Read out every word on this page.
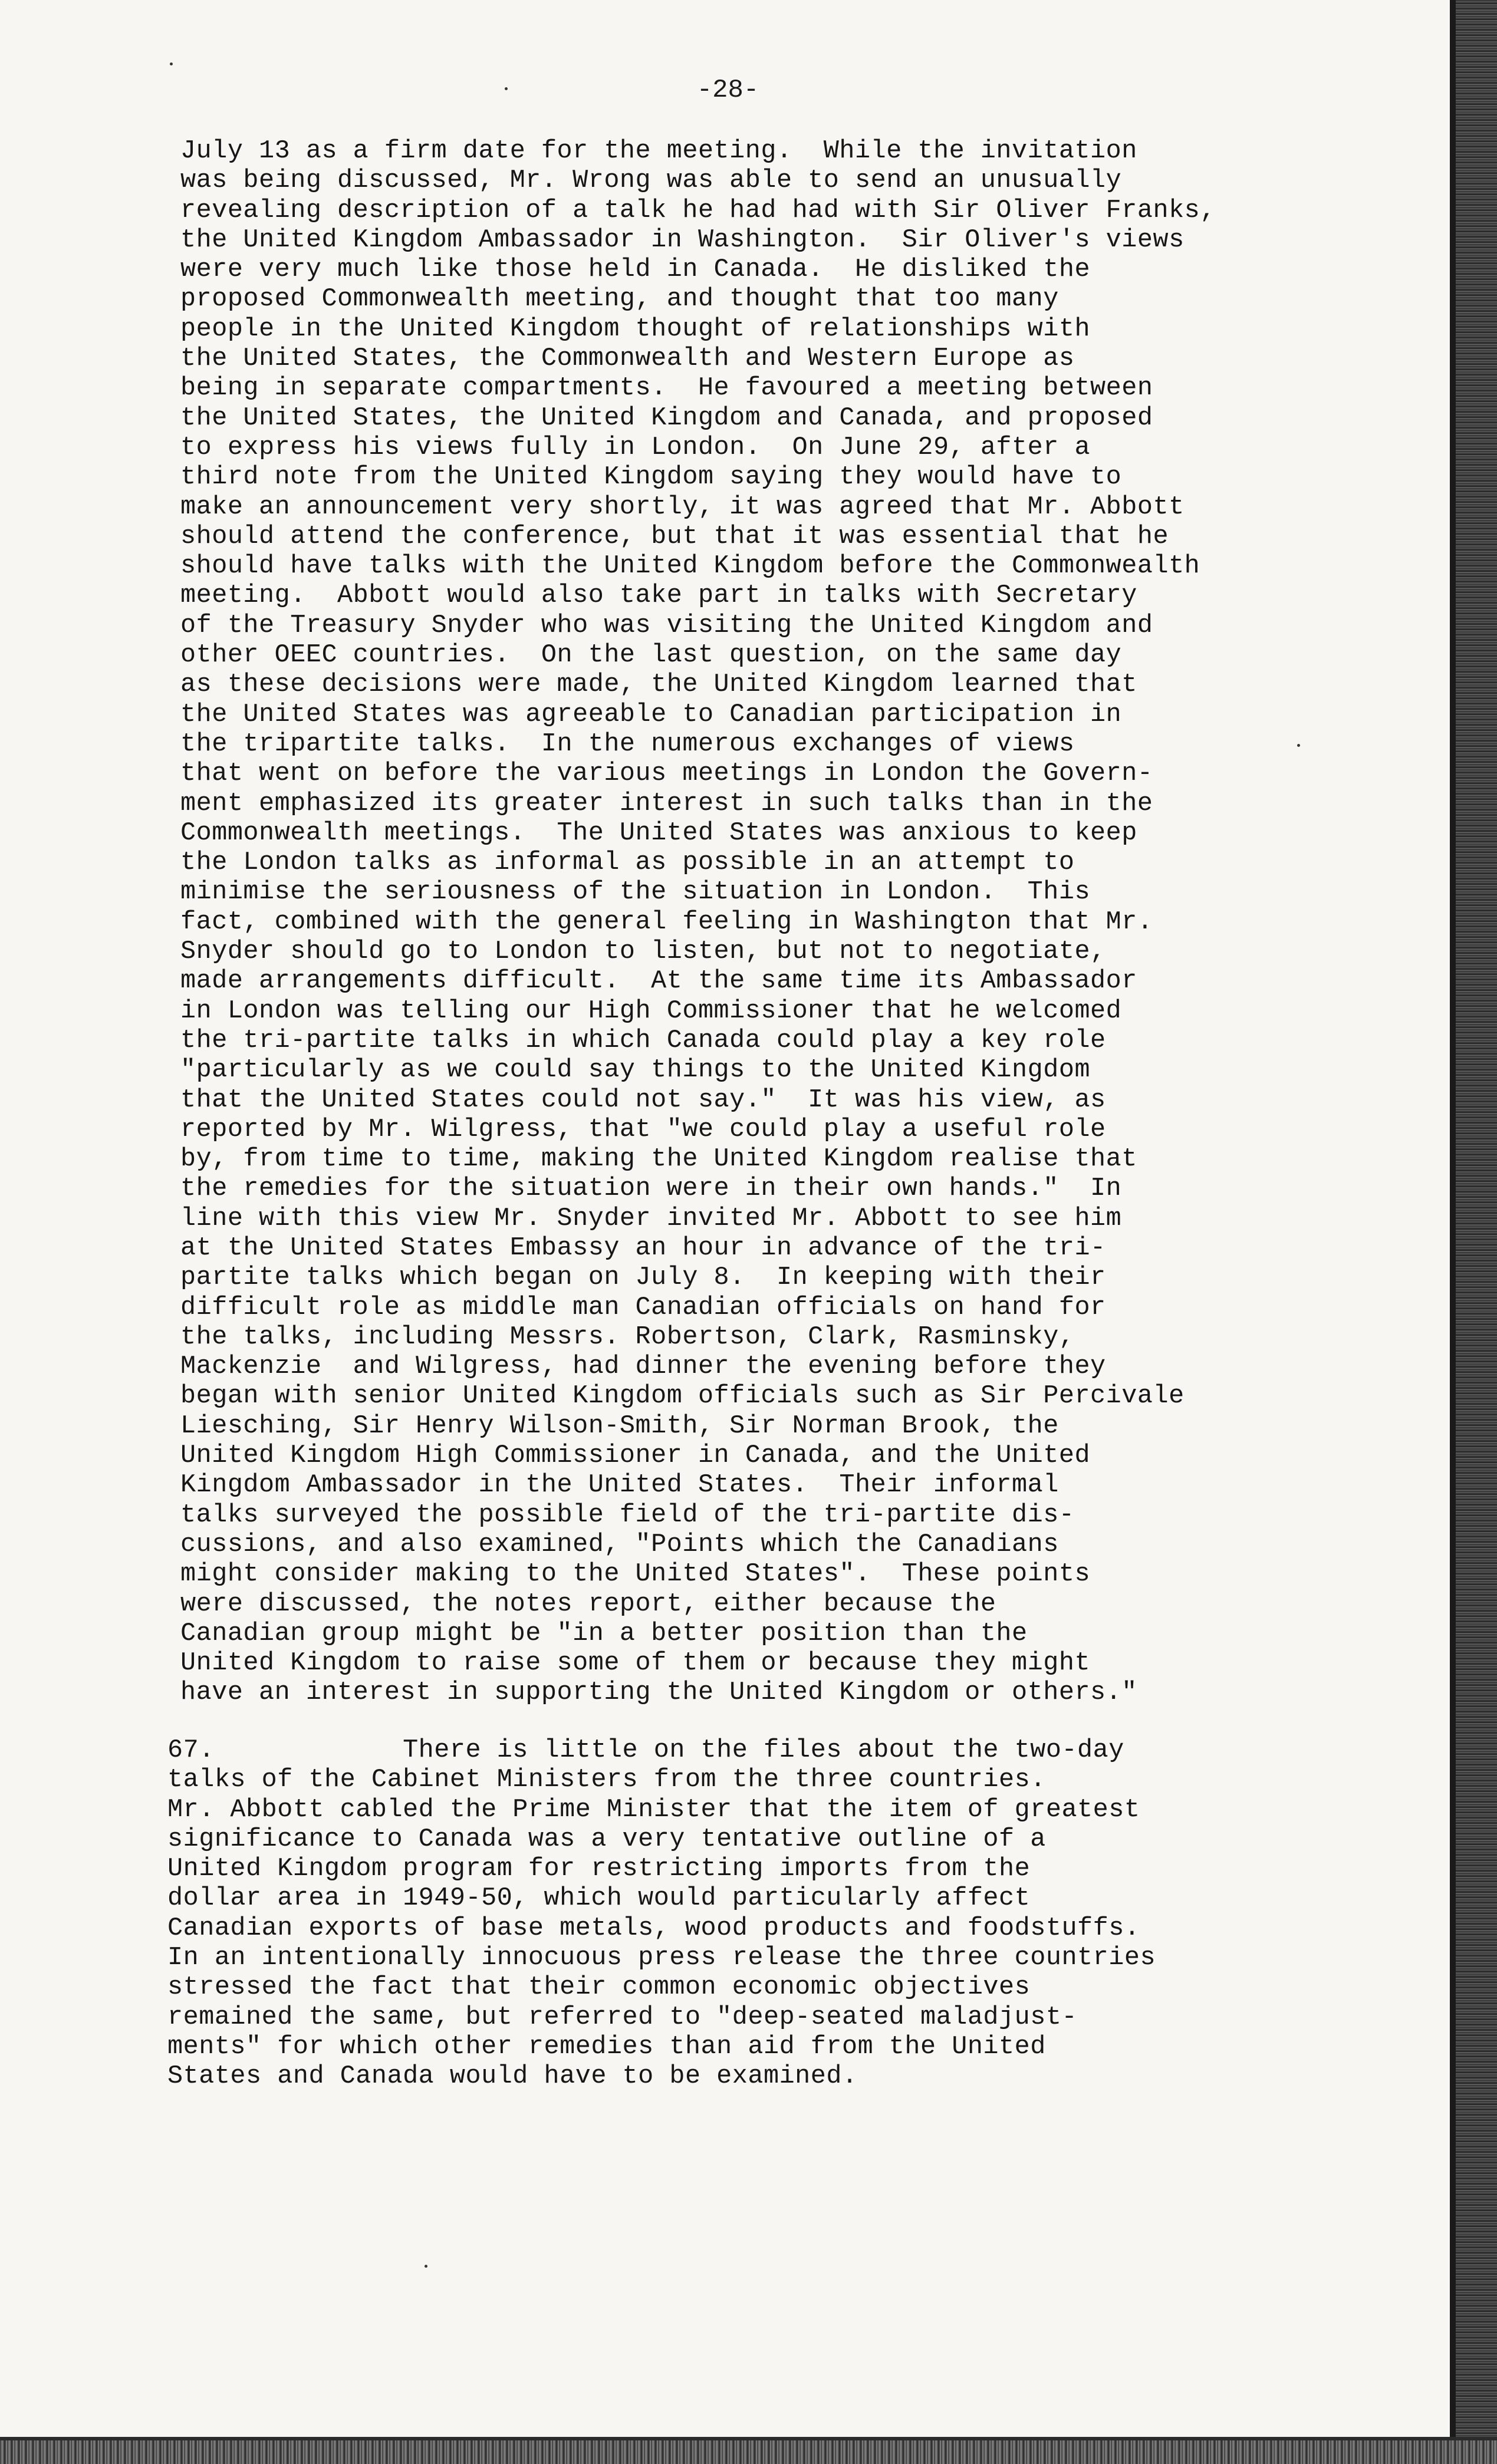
-28-
July 13 as a firm date for the meeting.  While the invitation
was being discussed, Mr. Wrong was able to send an unusually
revealing description of a talk he had had with Sir Oliver Franks,
the United Kingdom Ambassador in Washington.  Sir Oliver's views
were very much like those held in Canada.  He disliked the
proposed Commonwealth meeting, and thought that too many
people in the United Kingdom thought of relationships with
the United States, the Commonwealth and Western Europe as
being in separate compartments.  He favoured a meeting between
the United States, the United Kingdom and Canada, and proposed
to express his views fully in London.  On June 29, after a
third note from the United Kingdom saying they would have to
make an announcement very shortly, it was agreed that Mr. Abbott
should attend the conference, but that it was essential that he
should have talks with the United Kingdom before the Commonwealth
meeting.  Abbott would also take part in talks with Secretary
of the Treasury Snyder who was visiting the United Kingdom and
other OEEC countries.  On the last question, on the same day
as these decisions were made, the United Kingdom learned that
the United States was agreeable to Canadian participation in
the tripartite talks.  In the numerous exchanges of views
that went on before the various meetings in London the Govern-
ment emphasized its greater interest in such talks than in the
Commonwealth meetings.  The United States was anxious to keep
the London talks as informal as possible in an attempt to
minimise the seriousness of the situation in London.  This
fact, combined with the general feeling in Washington that Mr.
Snyder should go to London to listen, but not to negotiate,
made arrangements difficult.  At the same time its Ambassador
in London was telling our High Commissioner that he welcomed
the tri-partite talks in which Canada could play a key role
"particularly as we could say things to the United Kingdom
that the United States could not say."  It was his view, as
reported by Mr. Wilgress, that "we could play a useful role
by, from time to time, making the United Kingdom realise that
the remedies for the situation were in their own hands."  In
line with this view Mr. Snyder invited Mr. Abbott to see him
at the United States Embassy an hour in advance of the tri-
partite talks which began on July 8.  In keeping with their
difficult role as middle man Canadian officials on hand for
the talks, including Messrs. Robertson, Clark, Rasminsky,
Mackenzie  and Wilgress, had dinner the evening before they
began with senior United Kingdom officials such as Sir Percivale
Liesching, Sir Henry Wilson-Smith, Sir Norman Brook, the
United Kingdom High Commissioner in Canada, and the United
Kingdom Ambassador in the United States.  Their informal
talks surveyed the possible field of the tri-partite dis-
cussions, and also examined, "Points which the Canadians
might consider making to the United States".  These points
were discussed, the notes report, either because the
Canadian group might be "in a better position than the
United Kingdom to raise some of them or because they might
have an interest in supporting the United Kingdom or others."
67.            There is little on the files about the two-day
talks of the Cabinet Ministers from the three countries.
Mr. Abbott cabled the Prime Minister that the item of greatest
significance to Canada was a very tentative outline of a
United Kingdom program for restricting imports from the
dollar area in 1949-50, which would particularly affect
Canadian exports of base metals, wood products and foodstuffs.
In an intentionally innocuous press release the three countries
stressed the fact that their common economic objectives
remained the same, but referred to "deep-seated maladjust-
ments" for which other remedies than aid from the United
States and Canada would have to be examined.
